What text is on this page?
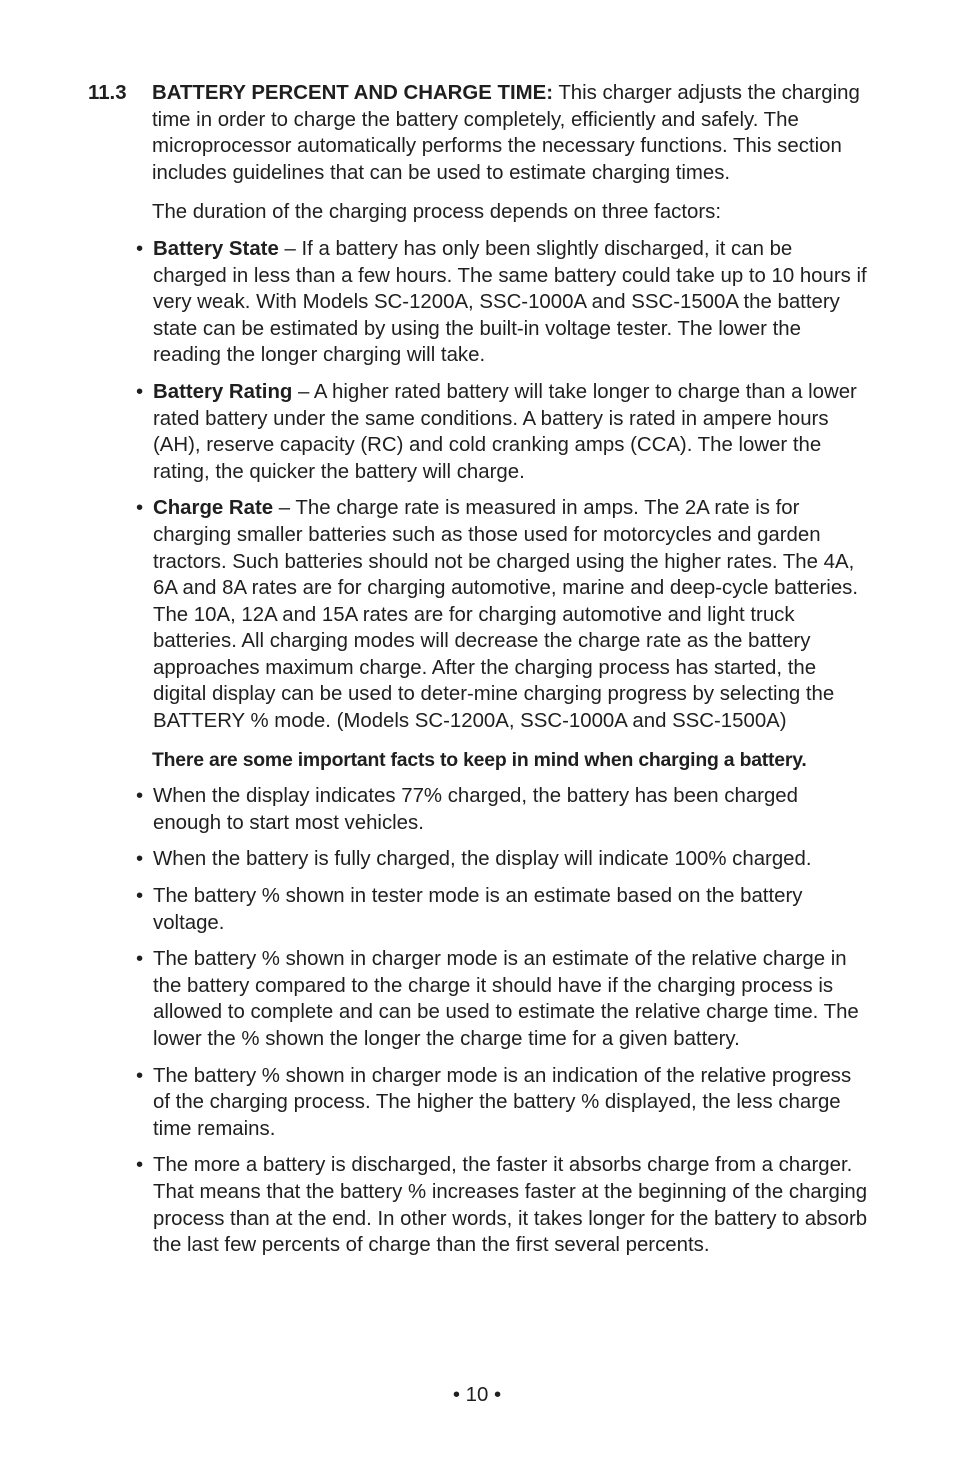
11.3 BATTERY PERCENT AND CHARGE TIME: This charger adjusts the charging time in order to charge the battery completely, efficiently and safely. The microprocessor automatically performs the necessary functions. This section includes guidelines that can be used to estimate charging times.

The duration of the charging process depends on three factors:

• Battery State – If a battery has only been slightly discharged, it can be charged in less than a few hours. The same battery could take up to 10 hours if very weak. With Models SC-1200A, SSC-1000A and SSC-1500A the battery state can be estimated by using the built-in voltage tester. The lower the reading the longer charging will take.
• Battery Rating – A higher rated battery will take longer to charge than a lower rated battery under the same conditions. A battery is rated in ampere hours (AH), reserve capacity (RC) and cold cranking amps (CCA). The lower the rating, the quicker the battery will charge.
• Charge Rate – The charge rate is measured in amps. The 2A rate is for charging smaller batteries such as those used for motorcycles and garden tractors. Such batteries should not be charged using the higher rates. The 4A, 6A and 8A rates are for charging automotive, marine and deep-cycle batteries. The 10A, 12A and 15A rates are for charging automotive and light truck batteries. All charging modes will decrease the charge rate as the battery approaches maximum charge. After the charging process has started, the digital display can be used to deter-mine charging progress by selecting the BATTERY % mode. (Models SC-1200A, SSC-1000A and SSC-1500A)

There are some important facts to keep in mind when charging a battery.

• When the display indicates 77% charged, the battery has been charged enough to start most vehicles.
• When the battery is fully charged, the display will indicate 100% charged.
• The battery % shown in tester mode is an estimate based on the battery voltage.
• The battery % shown in charger mode is an estimate of the relative charge in the battery compared to the charge it should have if the charging process is allowed to complete and can be used to estimate the relative charge time. The lower the % shown the longer the charge time for a given battery.
• The battery % shown in charger mode is an indication of the relative progress of the charging process. The higher the battery % displayed, the less charge time remains.
• The more a battery is discharged, the faster it absorbs charge from a charger. That means that the battery % increases faster at the beginning of the charging process than at the end. In other words, it takes longer for the battery to absorb the last few percents of charge than the first several percents.
• 10 •
